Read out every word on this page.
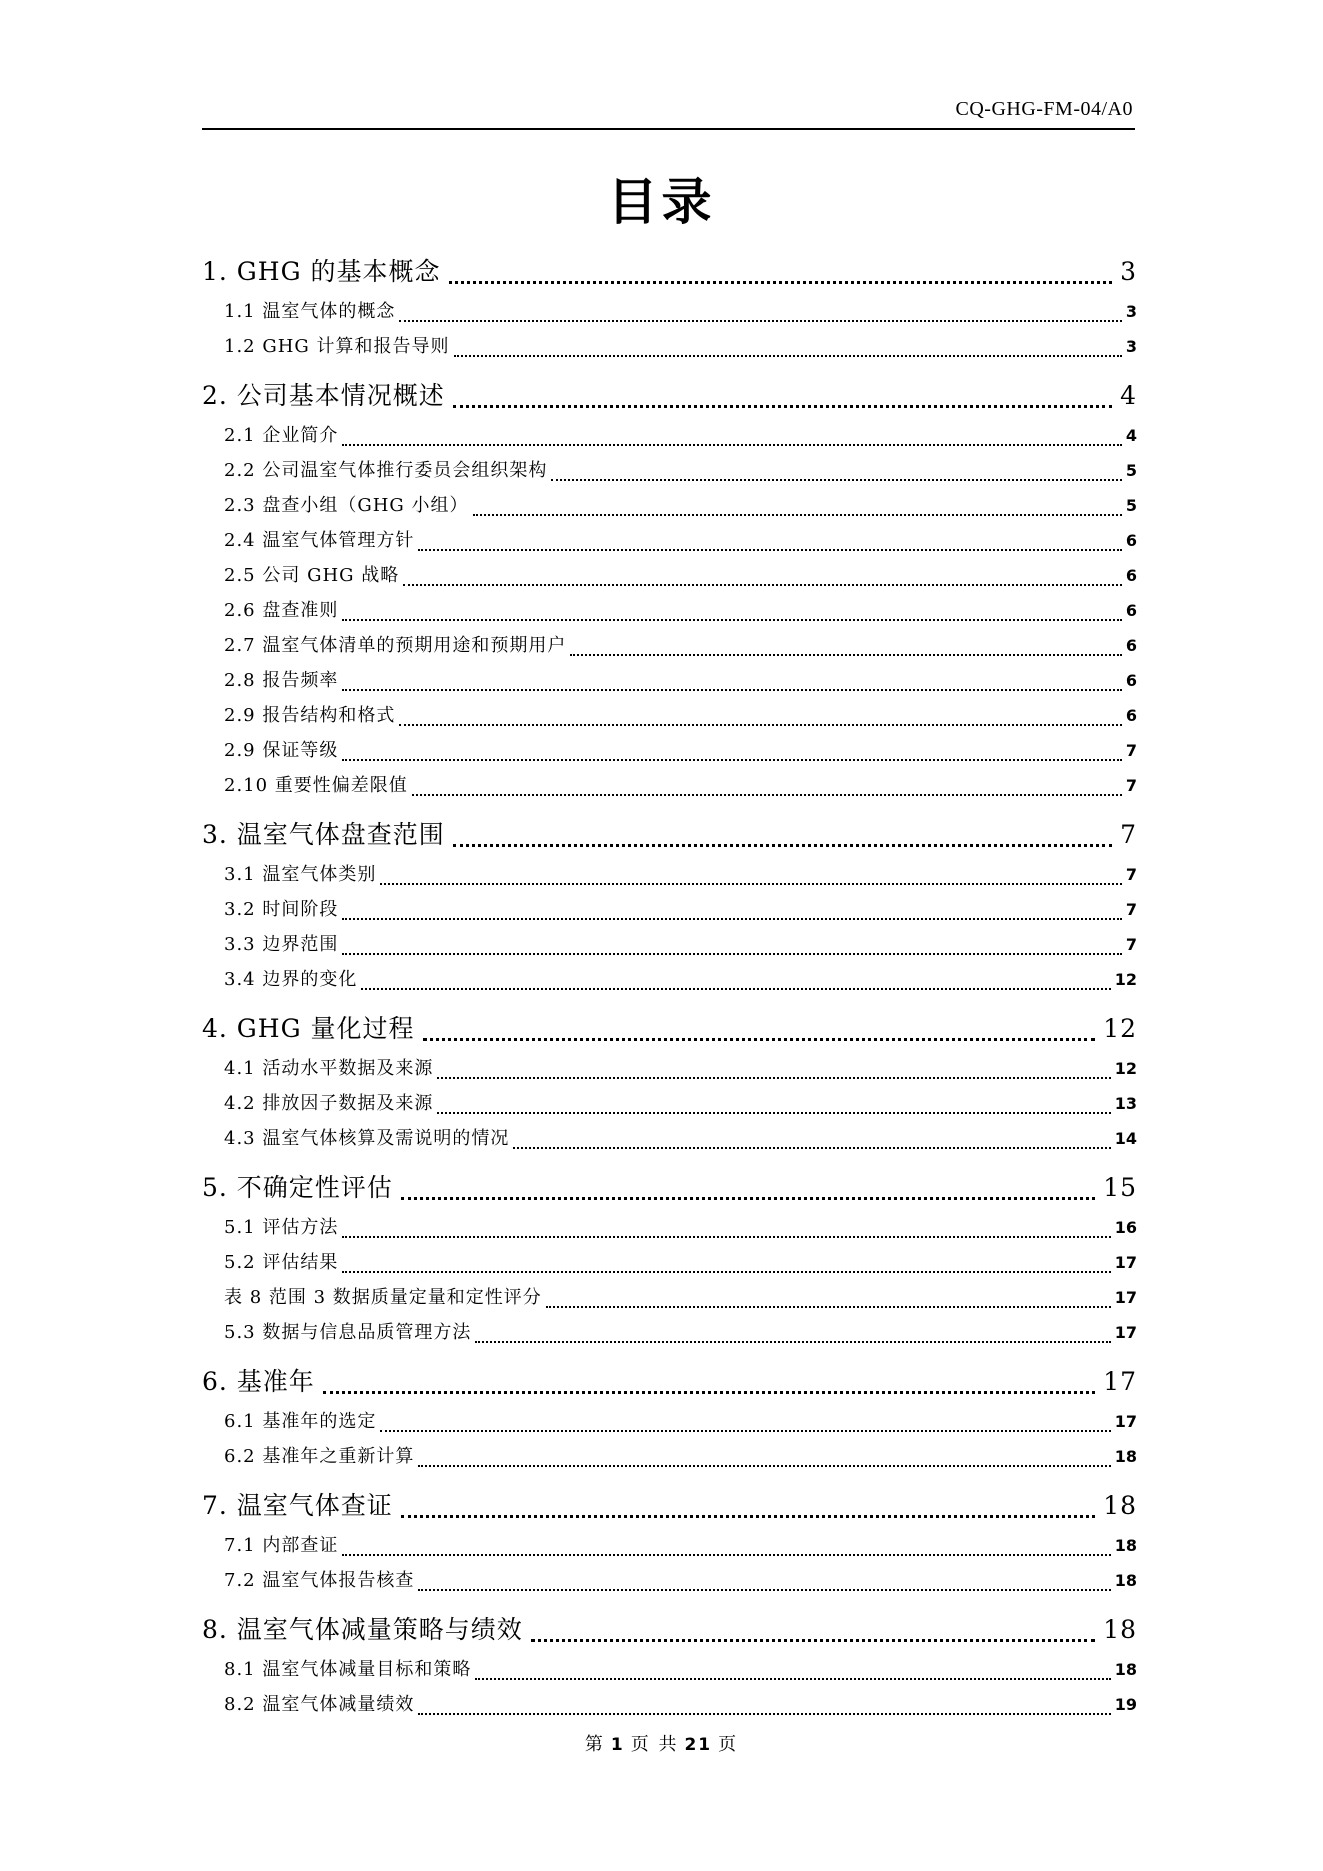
CQ-GHG-FM-04/A0
目录
1. GHG 的基本概念	3
1.1 温室气体的概念	3
1.2 GHG 计算和报告导则	3
2. 公司基本情况概述	4
2.1 企业简介	4
2.2 公司温室气体推行委员会组织架构	5
2.3 盘查小组（GHG 小组）	5
2.4 温室气体管理方针	6
2.5 公司 GHG 战略	6
2.6 盘查准则	6
2.7 温室气体清单的预期用途和预期用户	6
2.8 报告频率	6
2.9 报告结构和格式	6
2.9 保证等级	7
2.10 重要性偏差限值	7
3. 温室气体盘查范围	7
3.1 温室气体类别	7
3.2 时间阶段	7
3.3 边界范围	7
3.4 边界的变化	12
4. GHG 量化过程	12
4.1 活动水平数据及来源	12
4.2 排放因子数据及来源	13
4.3 温室气体核算及需说明的情况	14
5. 不确定性评估	15
5.1 评估方法	16
5.2 评估结果	17
表 8 范围 3 数据质量定量和定性评分	17
5.3 数据与信息品质管理方法	17
6. 基准年	17
6.1 基准年的选定	17
6.2 基准年之重新计算	18
7. 温室气体查证	18
7.1 内部查证	18
7.2 温室气体报告核查	18
8. 温室气体减量策略与绩效	18
8.1 温室气体减量目标和策略	18
8.2 温室气体减量绩效	19
第 1 页 共 21 页
